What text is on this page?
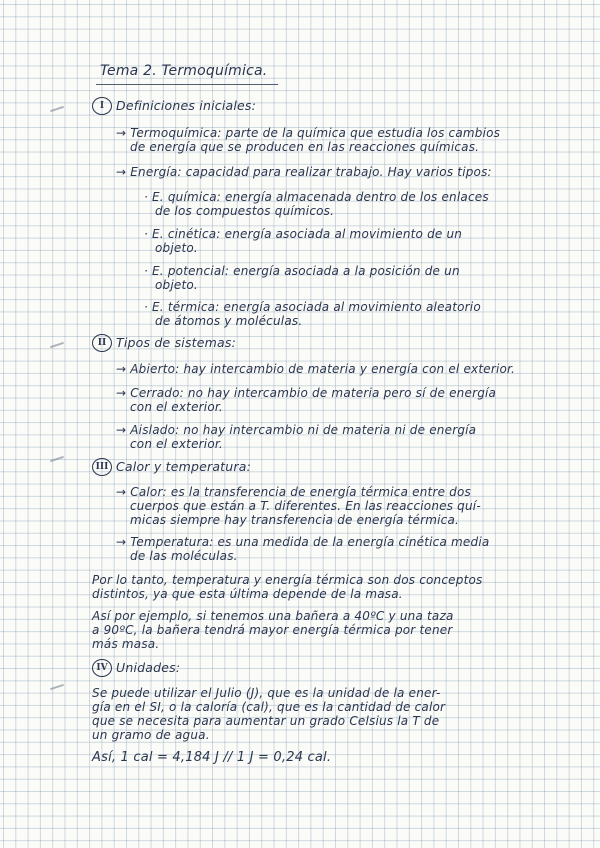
Tema 2. Termoquímica.
I Definiciones iniciales:
→ Termoquímica: parte de la química que estudia los cambios
de energía que se producen en las reacciones químicas.
→ Energía: capacidad para realizar trabajo. Hay varios tipos:
· E. química: energía almacenada dentro de los enlaces
de los compuestos químicos.
· E. cinética: energía asociada al movimiento de un
objeto.
· E. potencial: energía asociada a la posición de un
objeto.
· E. térmica: energía asociada al movimiento aleatorio
de átomos y moléculas.
II Tipos de sistemas:
→ Abierto: hay intercambio de materia y energía con el exterior.
→ Cerrado: no hay intercambio de materia pero sí de energía
con el exterior.
→ Aislado: no hay intercambio ni de materia ni de energía
con el exterior.
III Calor y temperatura:
→ Calor: es la transferencia de energía térmica entre dos
cuerpos que están a T. diferentes. En las reacciones quí-
micas siempre hay transferencia de energía térmica.
→ Temperatura: es una medida de la energía cinética media
de las moléculas.
Por lo tanto, temperatura y energía térmica son dos conceptos
distintos, ya que esta última depende de la masa.
Así por ejemplo, si tenemos una bañera a 40ºC y una taza
a 90ºC, la bañera tendrá mayor energía térmica por tener
más masa.
IV Unidades:
Se puede utilizar el Julio (J), que es la unidad de la ener-
gía en el SI, o la caloría (cal), que es la cantidad de calor
que se necesita para aumentar un grado Celsius la T de
un gramo de agua.
Así, 1 cal = 4,184 J // 1 J = 0,24 cal.
